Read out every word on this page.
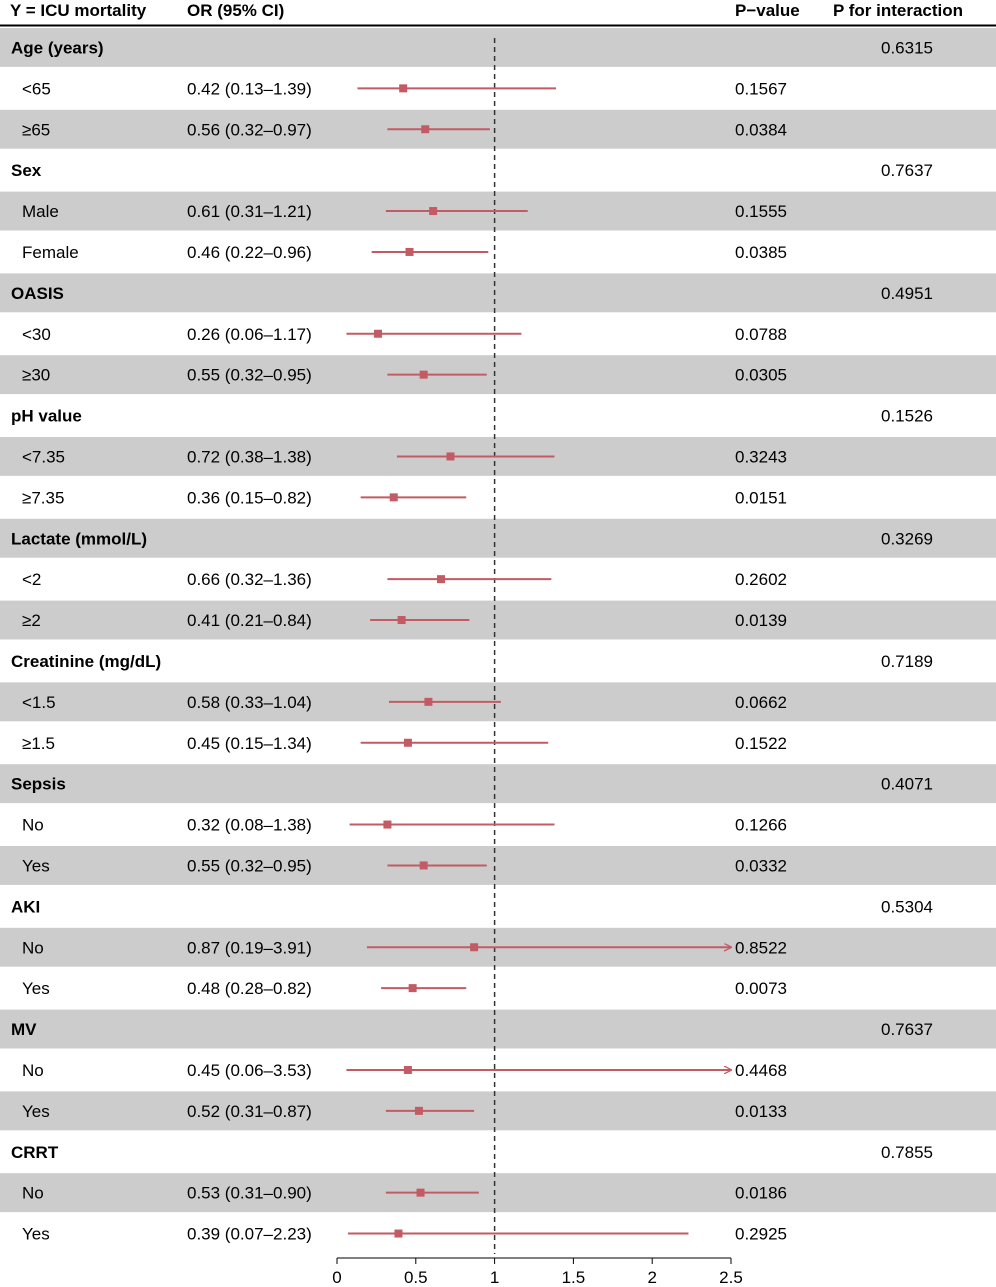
Y = ICU mortality OR (95% CI)	P−value P for interaction
Age (years)	0.6315
<65	0.42 (0.13–1.39)	0.1567
≥65	0.56 (0.32–0.97)	0.0384
Sex	0.7637
Male	0.61 (0.31–1.21)	0.1555
Female	0.46 (0.22–0.96)	0.0385
OASIS	0.4951
<30	0.26 (0.06–1.17)	0.0788
≥30	0.55 (0.32–0.95)	0.0305
pH value	0.1526
<7.35	0.72 (0.38–1.38)	0.3243
≥7.35	0.36 (0.15–0.82)	0.0151
Lactate (mmol/L)	0.3269
<2	0.66 (0.32–1.36)	0.2602
≥2	0.41 (0.21–0.84)	0.0139
Creatinine (mg/dL)	0.7189
<1.5	0.58 (0.33–1.04)	0.0662
≥1.5	0.45 (0.15–1.34)	0.1522
Sepsis	0.4071
No	0.32 (0.08–1.38)	0.1266
Yes	0.55 (0.32–0.95)	0.0332
AKI	0.5304
No	0.87 (0.19–3.91)	0.8522
Yes	0.48 (0.28–0.82)	0.0073
MV	0.7637
No	0.45 (0.06–3.53)	0.4468
Yes	0.52 (0.31–0.87)	0.0133
CRRT	0.7855
No	0.53 (0.31–0.90)	0.0186
Yes	0.39 (0.07–2.23)	0.2925
0	0.5	1	1.5	2	2.5
